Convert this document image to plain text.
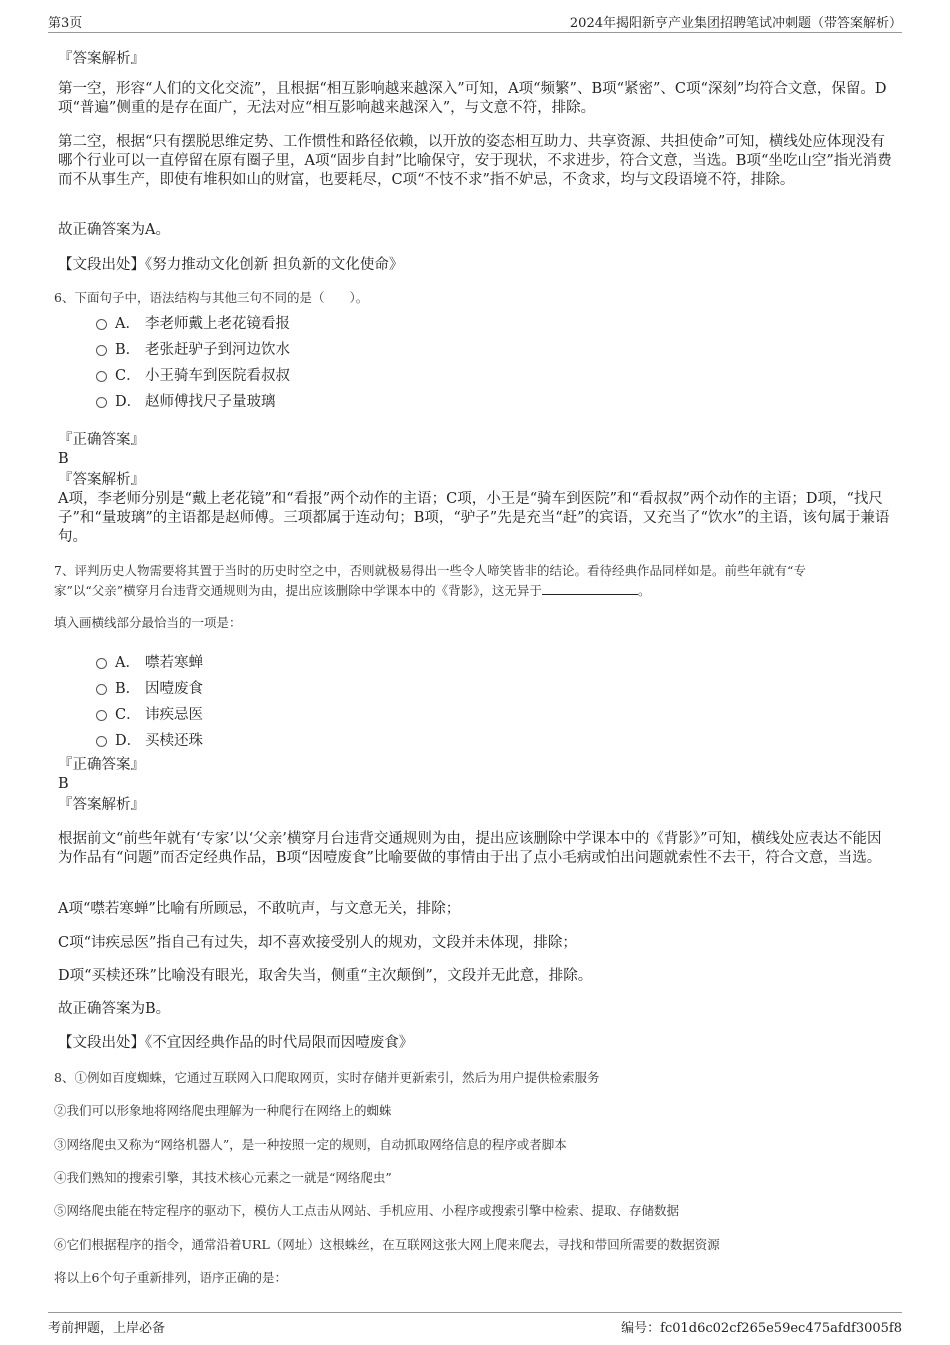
第3页	2024年揭阳新亨产业集团招聘笔试冲刺题（带答案解析）
『答案解析』
第一空，形容“人们的文化交流”，且根据“相互影响越来越深入”可知，A项“频繁”、B项“紧密”、C项“深刻”均符合文意，保留。D项“普遍”侧重的是存在面广，无法对应“相互影响越来越深入”，与文意不符，排除。
第二空，根据“只有摆脱思维定势、工作惯性和路径依赖，以开放的姿态相互助力、共享资源、共担使命”可知，横线处应体现没有哪个行业可以一直停留在原有圈子里，A项“固步自封”比喻保守，安于现状，不求进步，符合文意，当选。B项“坐吃山空”指光消费而不从事生产，即使有堆积如山的财富，也要耗尽，C项“不忮不求”指不妒忌，不贪求，均与文段语境不符，排除。
故正确答案为A。
【文段出处】《努力推动文化创新 担负新的文化使命》
6、下面句子中，语法结构与其他三句不同的是（　　）。
A． 李老师戴上老花镜看报
B． 老张赶驴子到河边饮水
C． 小王骑车到医院看叔叔
D． 赵师傅找尺子量玻璃
『正确答案』
B
『答案解析』
A项，李老师分别是“戴上老花镜”和“看报”两个动作的主语；C项，小王是“骑车到医院”和“看叔叔”两个动作的主语；D项，“找尺子”和“量玻璃”的主语都是赵师傅。三项都属于连动句；B项，“驴子”先是充当“赶”的宾语，又充当了“饮水”的主语，该句属于兼语句。
7、评判历史人物需要将其置于当时的历史时空之中，否则就极易得出一些令人啼笑皆非的结论。看待经典作品同样如是。前些年就有“专
家”以“父亲”横穿月台违背交通规则为由，提出应该删除中学课本中的《背影》，这无异于	。
填入画横线部分最恰当的一项是：
A． 噤若寒蝉
B． 因噎废食
C． 讳疾忌医
D． 买椟还珠
『正确答案』
B
『答案解析』
根据前文“前些年就有‘专家’以‘父亲’横穿月台违背交通规则为由，提出应该删除中学课本中的《背影》”可知，横线处应表达不能因为作品有“问题”而否定经典作品，B项“因噎废食”比喻要做的事情由于出了点小毛病或怕出问题就索性不去干，符合文意，当选。
A项“噤若寒蝉”比喻有所顾忌，不敢吭声，与文意无关，排除；
C项“讳疾忌医”指自己有过失，却不喜欢接受别人的规劝，文段并未体现，排除；
D项“买椟还珠”比喻没有眼光，取舍失当，侧重“主次颠倒”，文段并无此意，排除。
故正确答案为B。
【文段出处】《不宜因经典作品的时代局限而因噎废食》
8、①例如百度蜘蛛，它通过互联网入口爬取网页，实时存储并更新索引，然后为用户提供检索服务
②我们可以形象地将网络爬虫理解为一种爬行在网络上的蜘蛛
③网络爬虫又称为“网络机器人”，是一种按照一定的规则，自动抓取网络信息的程序或者脚本
④我们熟知的搜索引擎，其技术核心元素之一就是“网络爬虫”
⑤网络爬虫能在特定程序的驱动下，模仿人工点击从网站、手机应用、小程序或搜索引擎中检索、提取、存储数据
⑥它们根据程序的指令，通常沿着URL（网址）这根蛛丝，在互联网这张大网上爬来爬去，寻找和带回所需要的数据资源
将以上6个句子重新排列，语序正确的是：
考前押题，上岸必备	编号：fc01d6c02cf265e59ec475afdf3005f8
